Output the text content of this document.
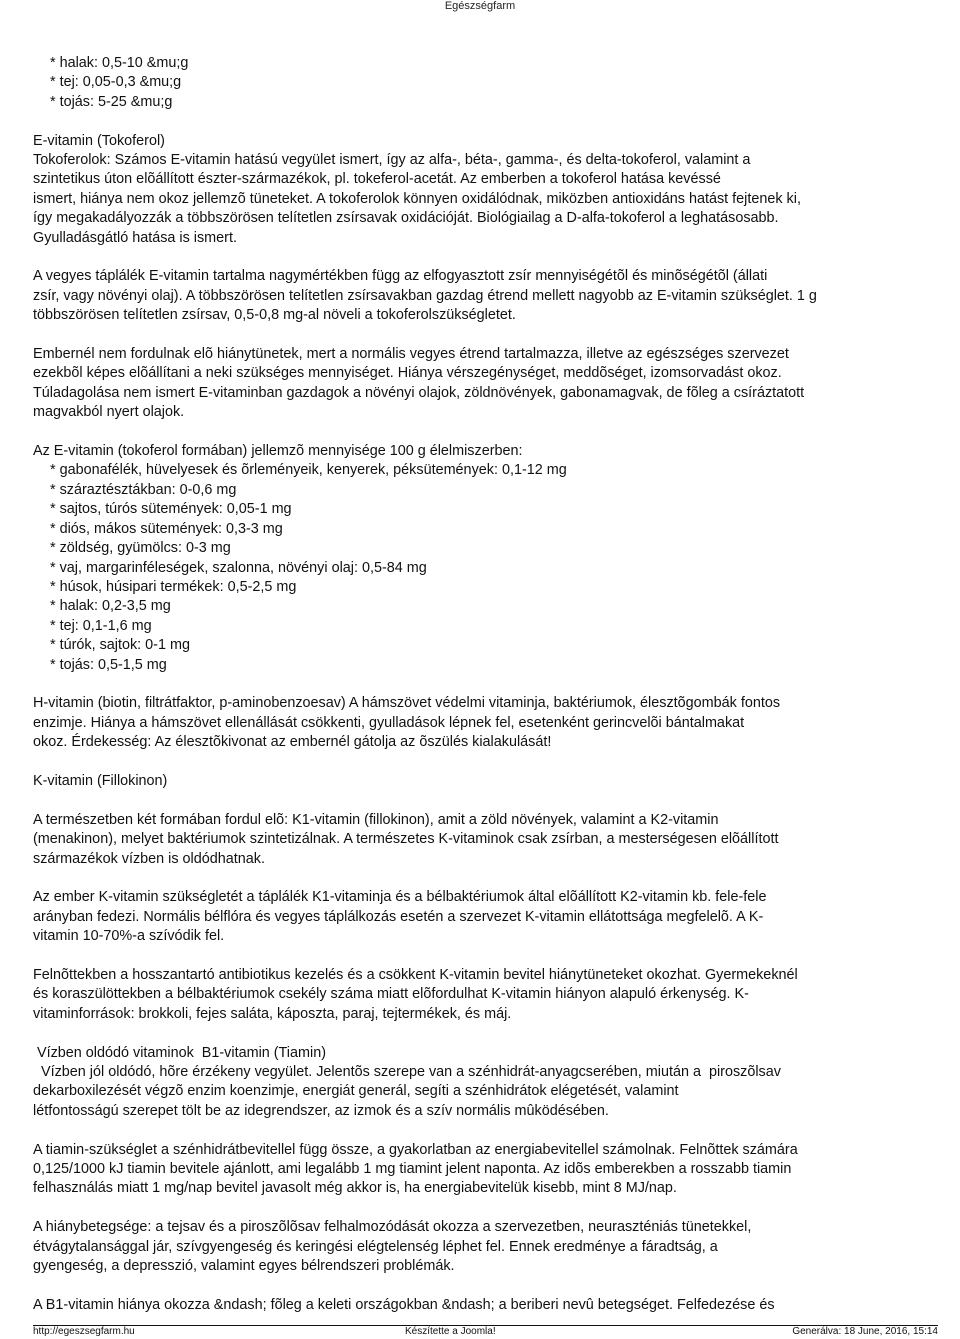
Egészségfarm
* halak: 0,5-10 &mu;g
* tej: 0,05-0,3 &mu;g
* tojás: 5-25 &mu;g
E-vitamin (Tokoferol)
Tokoferolok: Számos E-vitamin hatású vegyület ismert, így az alfa-, béta-, gamma-, és delta-tokoferol, valamint a
szintetikus úton elõállított észter-származékok, pl. tokeferol-acetát. Az emberben a tokoferol hatása kevéssé
ismert, hiánya nem okoz jellemzõ tüneteket. A tokoferolok könnyen oxidálódnak, miközben antioxidáns hatást fejtenek ki,
így megakadályozzák a többszörösen telítetlen zsírsavak oxidációját. Biológiailag a D-alfa-tokoferol a leghatásosabb.
Gyulladásgátló hatása is ismert.
A vegyes táplálék E-vitamin tartalma nagymértékben függ az elfogyasztott zsír mennyiségétõl és minõségétõl (állati
zsír, vagy növényi olaj). A többszörösen telítetlen zsírsavakban gazdag étrend mellett nagyobb az E-vitamin szükséglet. 1 g
többszörösen telítetlen zsírsav, 0,5-0,8 mg-al növeli a tokoferolszükségletet.
Embernél nem fordulnak elõ hiánytünetek, mert a normális vegyes étrend tartalmazza, illetve az egészséges szervezet
ezekbõl képes elõállítani a neki szükséges mennyiséget. Hiánya vérszegénységet, meddõséget, izomsorvadást okoz.
Túladagolása nem ismert E-vitaminban gazdagok a növényi olajok, zöldnövények, gabonamagvak, de fõleg a csíráztatott
magvakból nyert olajok.
Az E-vitamin (tokoferol formában) jellemzõ mennyisége 100 g élelmiszerben:
* gabonafélék, hüvelyesek és õrleményeik, kenyerek, péksütemények: 0,1-12 mg
* száraztésztákban: 0-0,6 mg
* sajtos, túrós sütemények: 0,05-1 mg
* diós, mákos sütemények: 0,3-3 mg
* zöldség, gyümölcs: 0-3 mg
* vaj, margarinféleségek, szalonna, növényi olaj: 0,5-84 mg
* húsok, húsipari termékek: 0,5-2,5 mg
* halak: 0,2-3,5 mg
* tej: 0,1-1,6 mg
* túrók, sajtok: 0-1 mg
* tojás: 0,5-1,5 mg
H-vitamin (biotin, filtrátfaktor, p-aminobenzoesav) A hámszövet védelmi vitaminja, baktériumok, élesztõgombák fontos
enzimje. Hiánya a hámszövet ellenállását csökkenti, gyulladások lépnek fel, esetenként gerincvelõi bántalmakat
okoz. Érdekesség: Az élesztõkivonat az embernél gátolja az õszülés kialakulását!
K-vitamin (Fillokinon)
A természetben két formában fordul elõ: K1-vitamin (fillokinon), amit a zöld növények, valamint a K2-vitamin
(menakinon), melyet baktériumok szintetizálnak. A természetes K-vitaminok csak zsírban, a mesterségesen elõállított
származékok vízben is oldódhatnak.
Az ember K-vitamin szükségletét a táplálék K1-vitaminja és a bélbaktériumok által elõállított K2-vitamin kb. fele-fele
arányban fedezi. Normális bélflóra és vegyes táplálkozás esetén a szervezet K-vitamin ellátottsága megfelelõ. A K-
vitamin 10-70%-a szívódik fel.
Felnõttekben a hosszantartó antibiotikus kezelés és a csökkent K-vitamin bevitel hiánytüneteket okozhat. Gyermekeknél
és koraszülöttekben a bélbaktériumok csekély száma miatt elõfordulhat K-vitamin hiányon alapuló érkenység. K-
vitaminforrások: brokkoli, fejes saláta, káposzta, paraj, tejtermékek, és máj.
Vízben oldódó vitaminok  B1-vitamin (Tiamin)
Vízben jól oldódó, hõre érzékeny vegyület. Jelentõs szerepe van a szénhidrát-anyagcserében, miután a  piroszõlsav
dekarboxilezését végzõ enzim koenzimje, energiát generál, segíti a szénhidrátok elégetését, valamint
létfontosságú szerepet tölt be az idegrendszer, az izmok és a szív normális mûködésében.
A tiamin-szükséglet a szénhidrátbevitellel függ össze, a gyakorlatban az energiabevitellel számolnak. Felnõttek számára
0,125/1000 kJ tiamin bevitele ajánlott, ami legalább 1 mg tiamint jelent naponta. Az idõs emberekben a rosszabb tiamin
felhasználás miatt 1 mg/nap bevitel javasolt még akkor is, ha energiabevitelük kisebb, mint 8 MJ/nap.
A hiánybetegsége: a tejsav és a piroszõlõsav felhalmozódását okozza a szervezetben, neuraszténiás tünetekkel,
étvágytalansággal jár, szívgyengeség és keringési elégtelenség léphet fel. Ennek eredménye a fáradtság, a
gyengeség, a depresszió, valamint egyes bélrendszeri problémák.
A B1-vitamin hiánya okozza &ndash; fõleg a keleti országokban &ndash; a beriberi nevû betegséget. Felfedezése és
http://egeszsegfarm.hu	Készítette a Joomla!	Generálva: 18 June, 2016, 15:14
